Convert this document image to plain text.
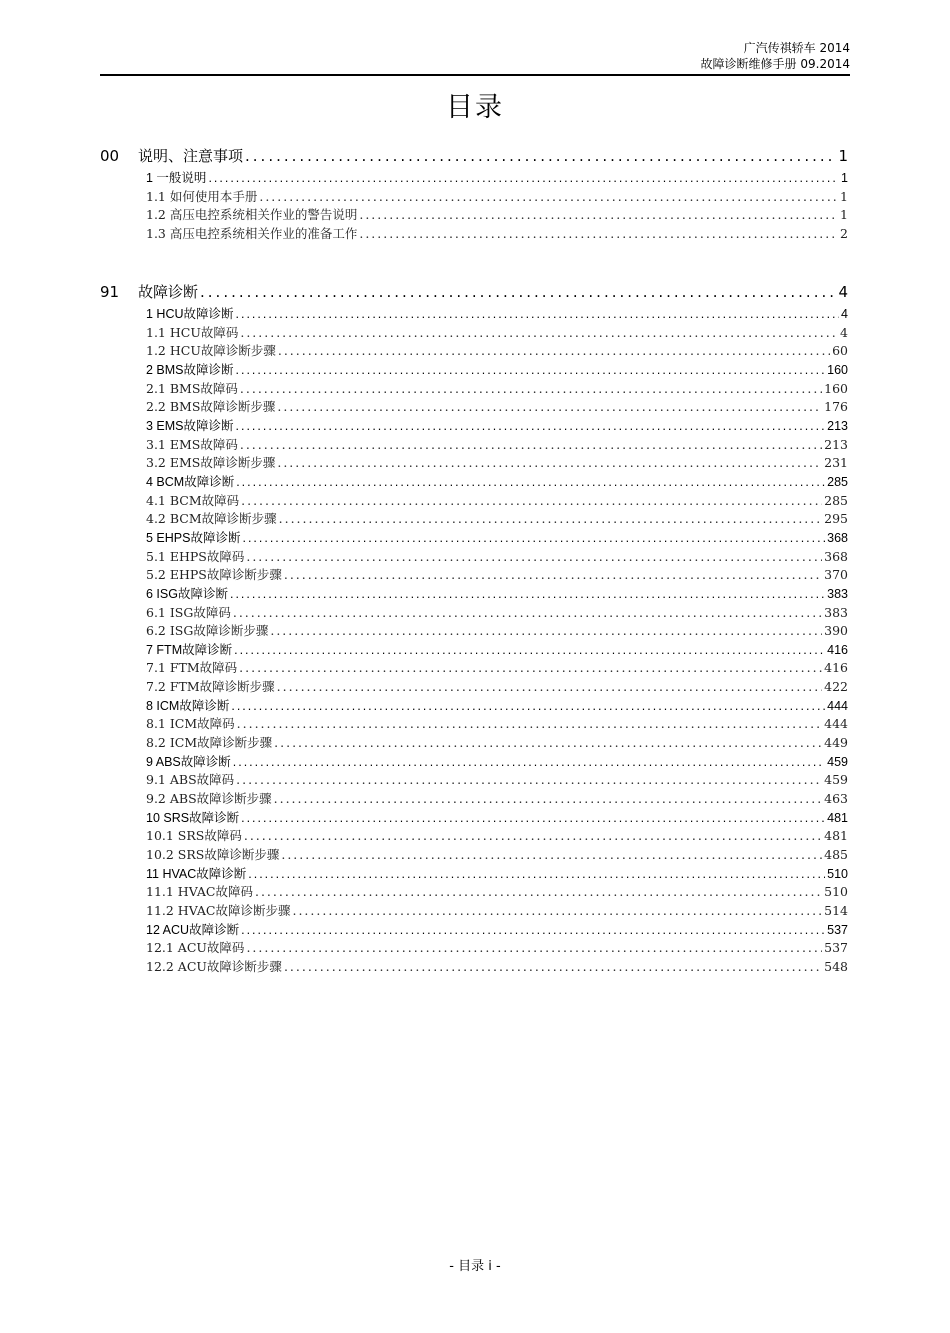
广汽传祺轿车 2014
故障诊断维修手册 09.2014
目录
00	说明、注意事项 .....	1
1 一般说明 .....	1
1.1 如何使用本手册 .....	1
1.2 高压电控系统相关作业的警告说明 .....	1
1.3 高压电控系统相关作业的准备工作 .....	2
91	故障诊断 .....	4
1 HCU故障诊断 .....	4
1.1 HCU故障码 .....	4
1.2 HCU故障诊断步骤 .....	60
2 BMS故障诊断 .....	160
2.1 BMS故障码 .....	160
2.2 BMS故障诊断步骤 .....	176
3 EMS故障诊断 .....	213
3.1 EMS故障码 .....	213
3.2 EMS故障诊断步骤 .....	231
4 BCM故障诊断 .....	285
4.1 BCM故障码 .....	285
4.2 BCM故障诊断步骤 .....	295
5 EHPS故障诊断 .....	368
5.1 EHPS故障码 .....	368
5.2 EHPS故障诊断步骤 .....	370
6 ISG故障诊断 .....	383
6.1 ISG故障码 .....	383
6.2 ISG故障诊断步骤 .....	390
7 FTM故障诊断 .....	416
7.1 FTM故障码 .....	416
7.2 FTM故障诊断步骤 .....	422
8 ICM故障诊断 .....	444
8.1 ICM故障码 .....	444
8.2 ICM故障诊断步骤 .....	449
9 ABS故障诊断 .....	459
9.1 ABS故障码 .....	459
9.2 ABS故障诊断步骤 .....	463
10 SRS故障诊断 .....	481
10.1 SRS故障码 .....	481
10.2 SRS故障诊断步骤 .....	485
11 HVAC故障诊断 .....	510
11.1 HVAC故障码 .....	510
11.2 HVAC故障诊断步骤 .....	514
12 ACU故障诊断 .....	537
12.1 ACU故障码 .....	537
12.2 ACU故障诊断步骤 .....	548
- 目录 i -
